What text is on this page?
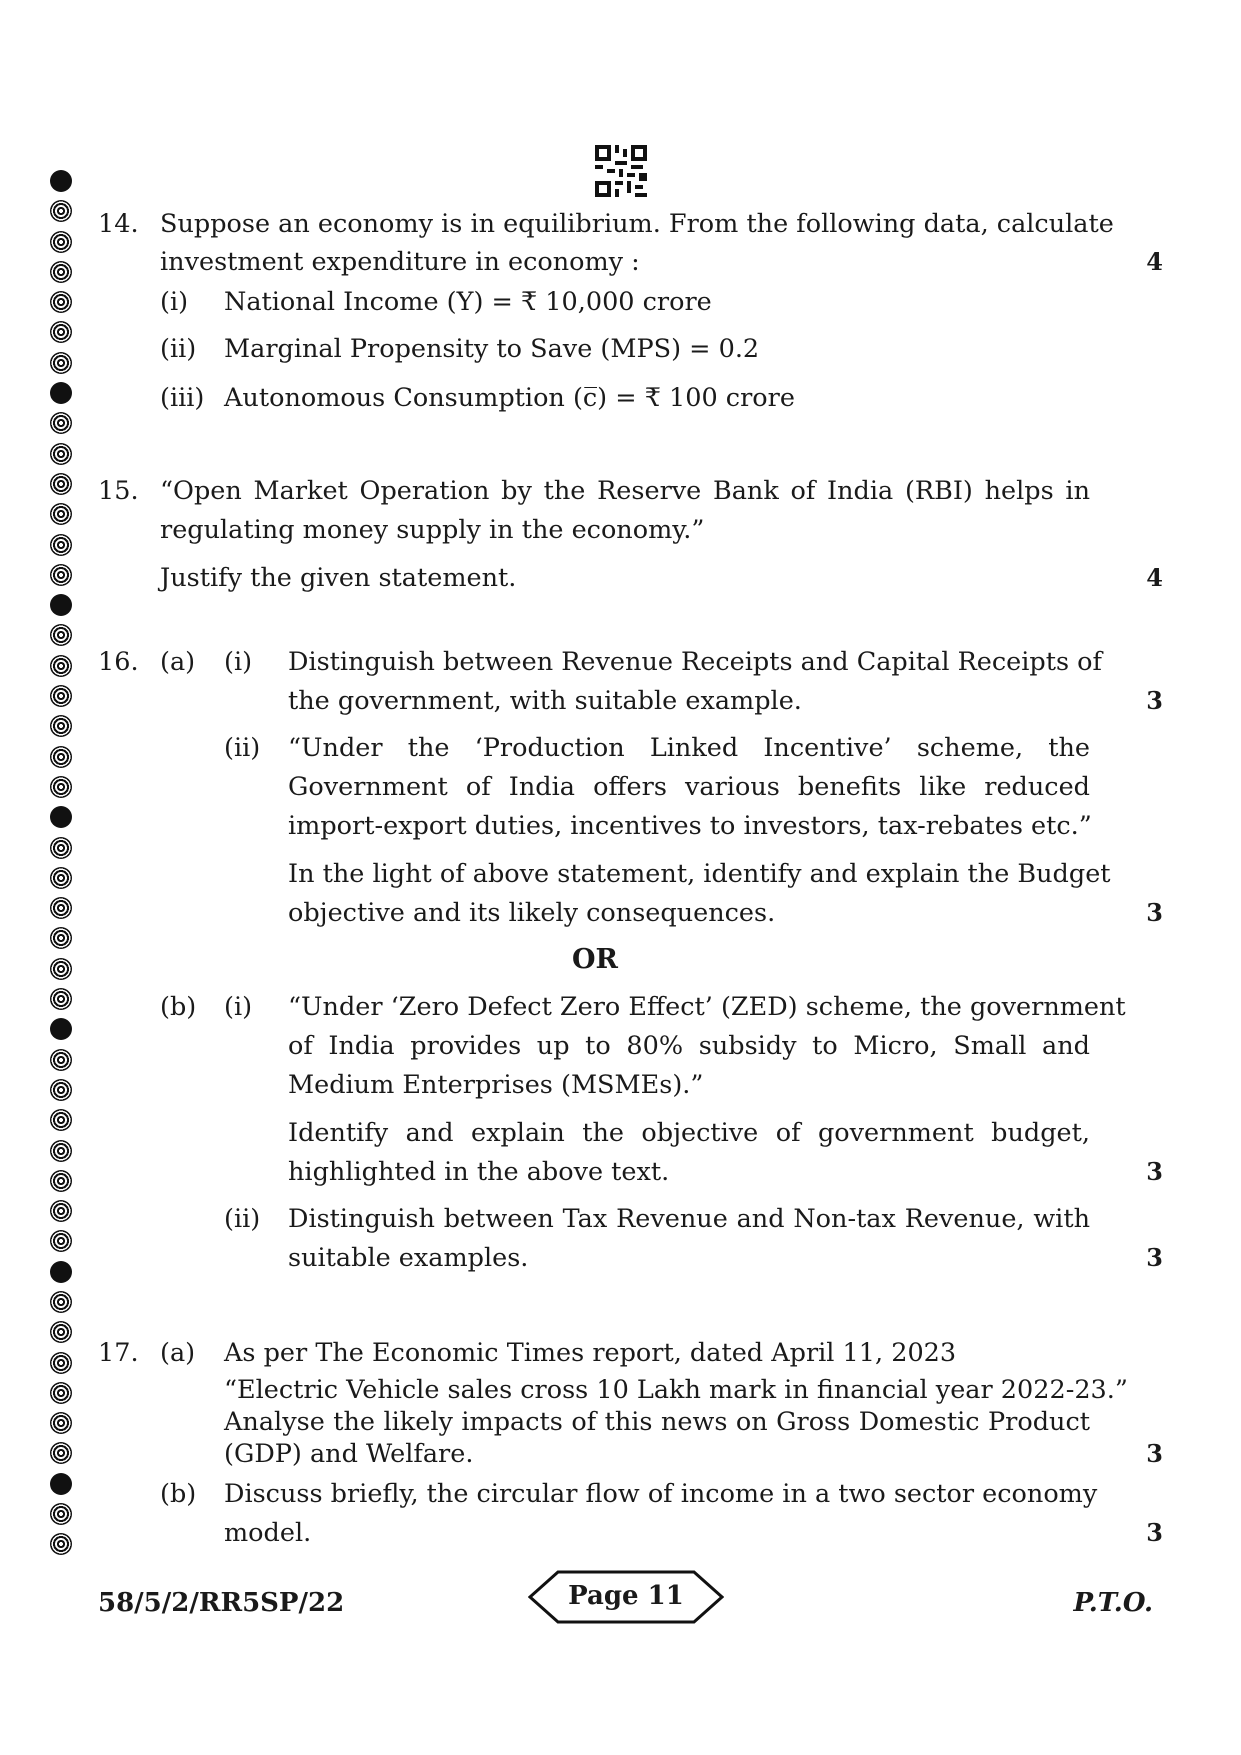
14. Suppose an economy is in equilibrium. From the following data, calculate
investment expenditure in economy :	4
(i) National Income (Y) = ₹ 10,000 crore
(ii) Marginal Propensity to Save (MPS) = 0.2
(iii) Autonomous Consumption (c̅) = ₹ 100 crore
15. “Open Market Operation by the Reserve Bank of India (RBI) helps in
regulating money supply in the economy.”
Justify the given statement.	4
16. (a) (i) Distinguish between Revenue Receipts and Capital Receipts of
the government, with suitable example.	3
(ii) “Under the ‘Production Linked Incentive’ scheme, the
Government of India offers various benefits like reduced
import-export duties, incentives to investors, tax-rebates etc.”
In the light of above statement, identify and explain the Budget
objective and its likely consequences.	3
OR
(b) (i) “Under ‘Zero Defect Zero Effect’ (ZED) scheme, the government
of India provides up to 80% subsidy to Micro, Small and
Medium Enterprises (MSMEs).”
Identify and explain the objective of government budget,
highlighted in the above text.	3
(ii) Distinguish between Tax Revenue and Non-tax Revenue, with
suitable examples.	3
17. (a) As per The Economic Times report, dated April 11, 2023
“Electric Vehicle sales cross 10 Lakh mark in financial year 2022-23.”
Analyse the likely impacts of this news on Gross Domestic Product
(GDP) and Welfare.	3
(b) Discuss briefly, the circular flow of income in a two sector economy
model.	3
58/5/2/RR5SP/22	Page 11	P.T.O.
